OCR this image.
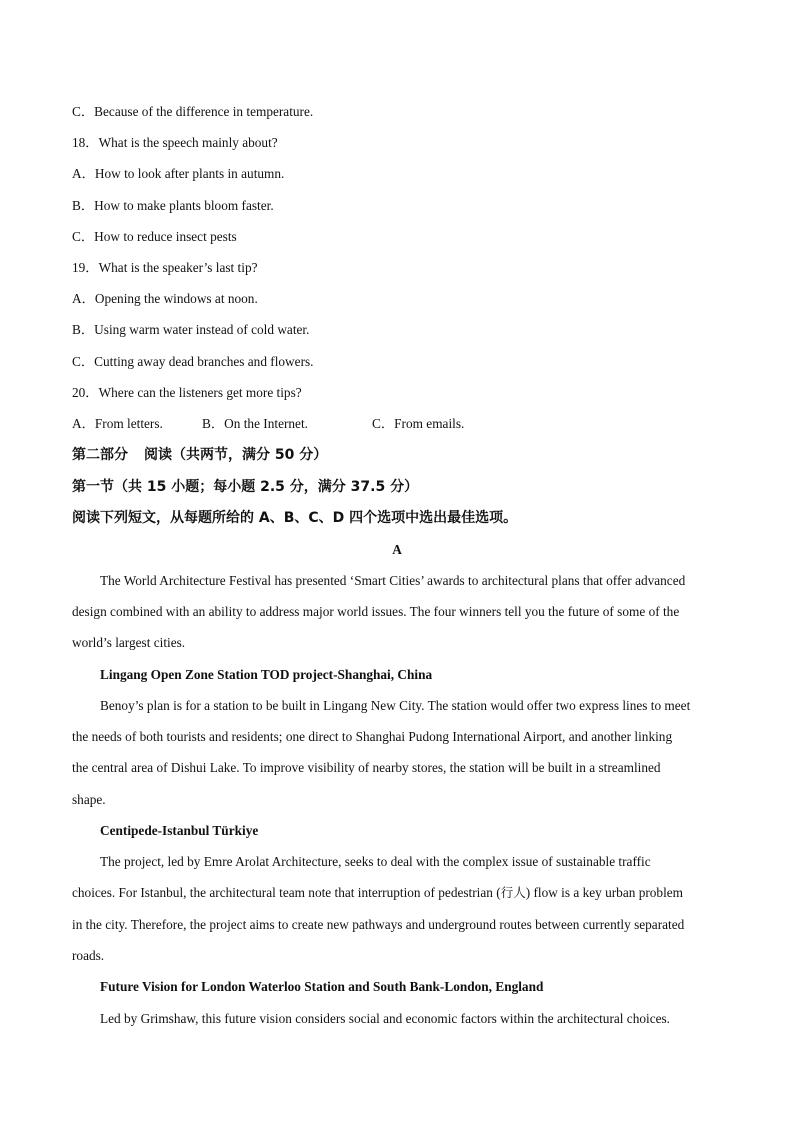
C．Because of the difference in temperature.
18．What is the speech mainly about?
A．How to look after plants in autumn.
B．How to make plants bloom faster.
C．How to reduce insect pests
19．What is the speaker’s last tip?
A．Opening the windows at noon.
B．Using warm water instead of cold water.
C．Cutting away dead branches and flowers.
20．Where can the listeners get more tips?
A．From letters.	B．On the Internet.	C．From emails.
第二部分 阅读（共两节，满分 50 分）
第一节（共 15 小题；每小题 2.5 分，满分 37.5 分）
阅读下列短文，从每题所给的 A、B、C、D 四个选项中选出最佳选项。
A
The World Architecture Festival has presented ‘Smart Cities’ awards to architectural plans that offer advanced
design combined with an ability to address major world issues. The four winners tell you the future of some of the
world’s largest cities.
Lingang Open Zone Station TOD project-Shanghai, China
Benoy’s plan is for a station to be built in Lingang New City. The station would offer two express lines to meet
the needs of both tourists and residents; one direct to Shanghai Pudong International Airport, and another linking
the central area of Dishui Lake. To improve visibility of nearby stores, the station will be built in a streamlined
shape.
Centipede-Istanbul Türkiye
The project, led by Emre Arolat Architecture, seeks to deal with the complex issue of sustainable traffic
choices. For Istanbul, the architectural team note that interruption of pedestrian (行人) flow is a key urban problem
in the city. Therefore, the project aims to create new pathways and underground routes between currently separated
roads.
Future Vision for London Waterloo Station and South Bank-London, England
Led by Grimshaw, this future vision considers social and economic factors within the architectural choices.
